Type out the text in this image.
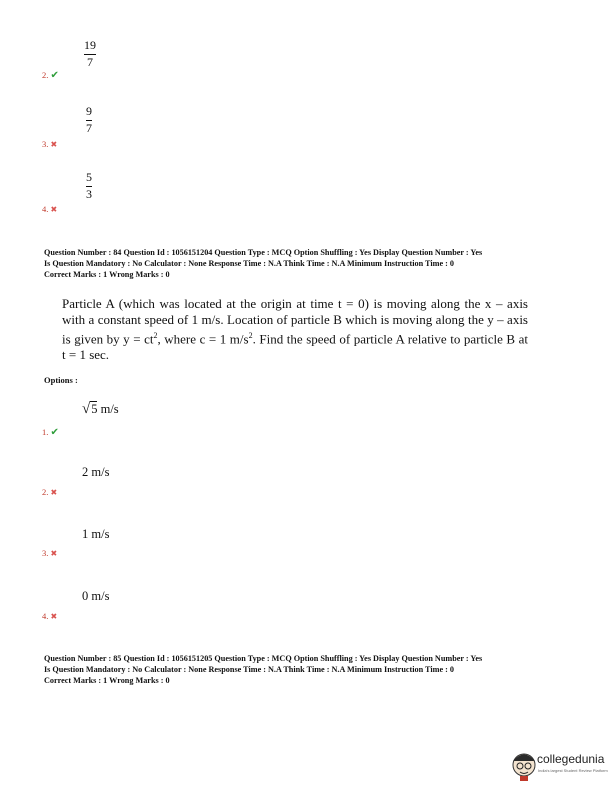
19
7
2. ✔
9
7
3. ✖
5
3
4. ✖
Question Number : 84 Question Id : 1056151204 Question Type : MCQ Option Shuffling : Yes Display Question Number : Yes
Is Question Mandatory : No Calculator : None Response Time : N.A Think Time : N.A Minimum Instruction Time : 0
Correct Marks : 1 Wrong Marks : 0
Particle A (which was located at the origin at time t = 0) is moving along the x – axis with a constant speed of 1 m/s. Location of particle B which is moving along the y – axis is given by $y = ct^2$, where c = 1 $m/s^2$. Find the speed of particle A relative to particle B at t = 1 sec.
Options :
√5 m/s
1. ✔
2 m/s
2. ✖
1 m/s
3. ✖
0 m/s
4. ✖
Question Number : 85 Question Id : 1056151205 Question Type : MCQ Option Shuffling : Yes Display Question Number : Yes
Is Question Mandatory : No Calculator : None Response Time : N.A Think Time : N.A Minimum Instruction Time : 0
Correct Marks : 1 Wrong Marks : 0
collegedunia
India's largest Student Review Platform
